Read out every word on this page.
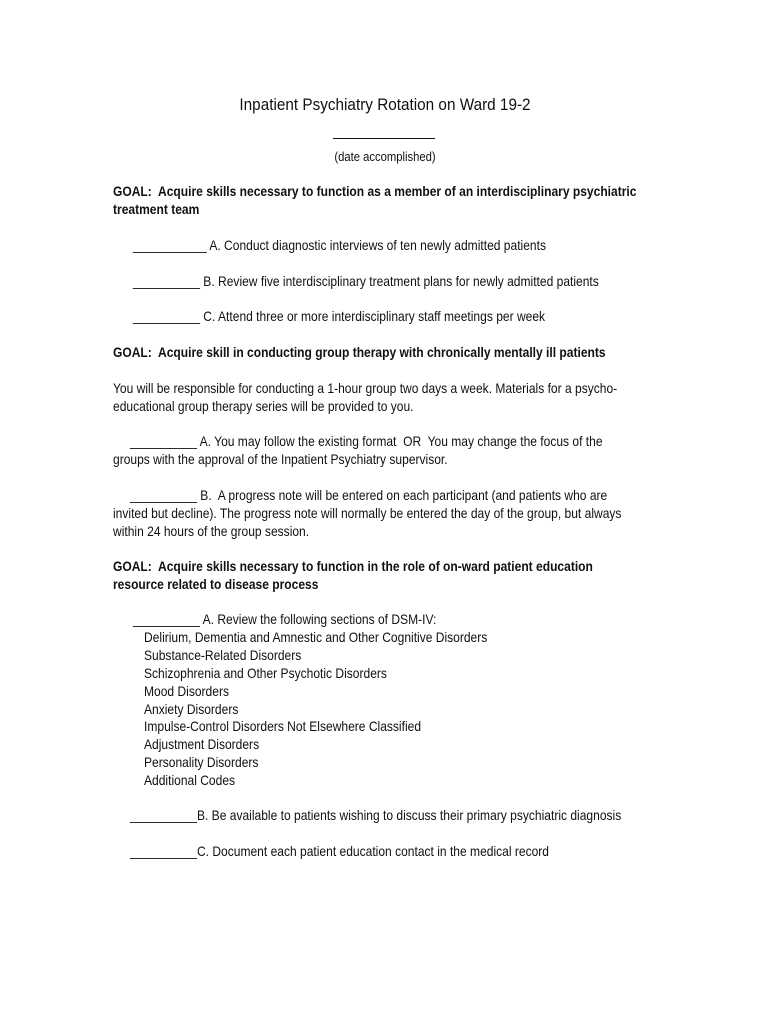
Inpatient Psychiatry Rotation on Ward 19-2
(date accomplished)
GOAL:  Acquire skills necessary to function as a member of an interdisciplinary psychiatric
treatment team
___________ A. Conduct diagnostic interviews of ten newly admitted patients
__________ B. Review five interdisciplinary treatment plans for newly admitted patients
__________ C. Attend three or more interdisciplinary staff meetings per week
GOAL:  Acquire skill in conducting group therapy with chronically mentally ill patients
You will be responsible for conducting a 1-hour group two days a week. Materials for a psycho-
educational group therapy series will be provided to you.
__________ A. You may follow the existing format  OR  You may change the focus of the
groups with the approval of the Inpatient Psychiatry supervisor.
__________ B.  A progress note will be entered on each participant (and patients who are
invited but decline). The progress note will normally be entered the day of the group, but always
within 24 hours of the group session.
GOAL:  Acquire skills necessary to function in the role of on-ward patient education
resource related to disease process
__________ A. Review the following sections of DSM-IV:
Delirium, Dementia and Amnestic and Other Cognitive Disorders
Substance-Related Disorders
Schizophrenia and Other Psychotic Disorders
Mood Disorders
Anxiety Disorders
Impulse-Control Disorders Not Elsewhere Classified
Adjustment Disorders
Personality Disorders
Additional Codes
__________B. Be available to patients wishing to discuss their primary psychiatric diagnosis
__________C. Document each patient education contact in the medical record
